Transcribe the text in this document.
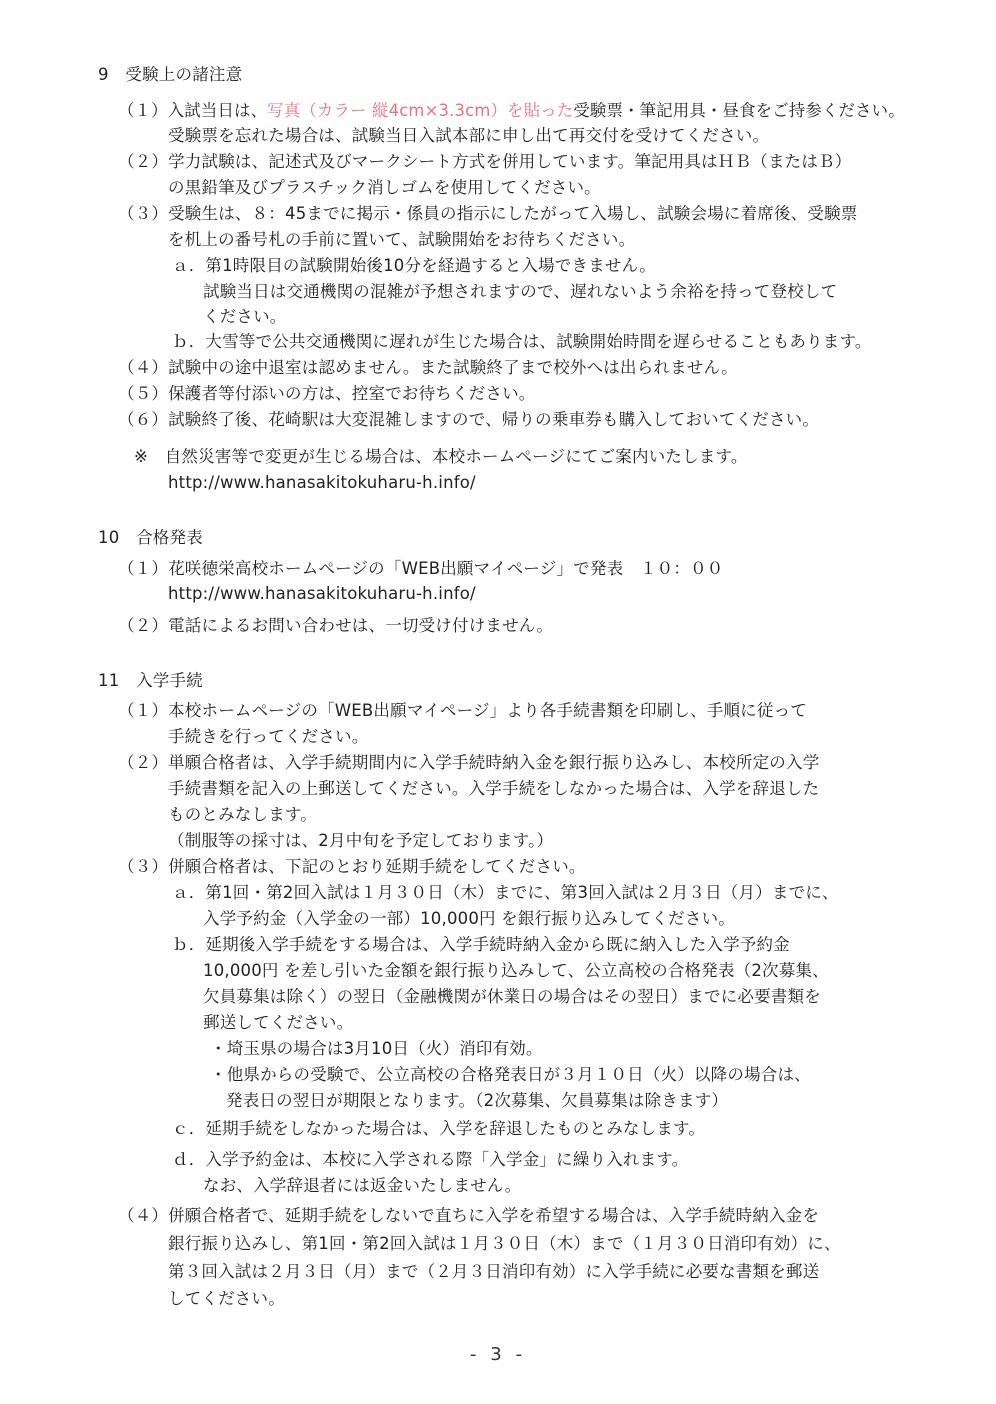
9　受験上の諸注意
（１）入試当日は、写真（カラー 縦4cm×3.3cm）を貼った受験票・筆記用具・昼食をご持参ください。
受験票を忘れた場合は、試験当日入試本部に申し出て再交付を受けてください。
（２）学力試験は、記述式及びマークシート方式を併用しています。筆記用具はＨＢ（またはＢ）
の黒鉛筆及びプラスチック消しゴムを使用してください。
（３）受験生は、８：45までに掲示・係員の指示にしたがって入場し、試験会場に着席後、受験票
を机上の番号札の手前に置いて、試験開始をお待ちください。
ａ．第1時限目の試験開始後10分を経過すると入場できません。
試験当日は交通機関の混雑が予想されますので、遅れないよう余裕を持って登校して
ください。
ｂ．大雪等で公共交通機関に遅れが生じた場合は、試験開始時間を遅らせることもあります。
（４）試験中の途中退室は認めません。また試験終了まで校外へは出られません。
（５）保護者等付添いの方は、控室でお待ちください。
（６）試験終了後、花崎駅は大変混雑しますので、帰りの乗車券も購入しておいてください。
※　自然災害等で変更が生じる場合は、本校ホームページにてご案内いたします。
http://www.hanasakitokuharu-h.info/
10　合格発表
（１）花咲徳栄高校ホームページの「WEB出願マイページ」で発表　１０：００
http://www.hanasakitokuharu-h.info/
（２）電話によるお問い合わせは、一切受け付けません。
11　入学手続
（１）本校ホームページの「WEB出願マイページ」より各手続書類を印刷し、手順に従って
手続きを行ってください。
（２）単願合格者は、入学手続期間内に入学手続時納入金を銀行振り込みし、本校所定の入学
手続書類を記入の上郵送してください。入学手続をしなかった場合は、入学を辞退した
ものとみなします。
（制服等の採寸は、2月中旬を予定しております。）
（３）併願合格者は、下記のとおり延期手続をしてください。
ａ．第1回・第2回入試は１月３０日（木）までに、第3回入試は２月３日（月）までに、
入学予約金（入学金の一部）10,000円 を銀行振り込みしてください。
ｂ．延期後入学手続をする場合は、入学手続時納入金から既に納入した入学予約金
10,000円 を差し引いた金額を銀行振り込みして、公立高校の合格発表（2次募集、
欠員募集は除く）の翌日（金融機関が休業日の場合はその翌日）までに必要書類を
郵送してください。
・埼玉県の場合は3月10日（火）消印有効。
・他県からの受験で、公立高校の合格発表日が３月１０日（火）以降の場合は、
発表日の翌日が期限となります。（2次募集、欠員募集は除きます）
ｃ．延期手続をしなかった場合は、入学を辞退したものとみなします。
ｄ．入学予約金は、本校に入学される際「入学金」に繰り入れます。
なお、入学辞退者には返金いたしません。
（４）併願合格者で、延期手続をしないで直ちに入学を希望する場合は、入学手続時納入金を
銀行振り込みし、第1回・第2回入試は１月３０日（木）まで（１月３０日消印有効）に、
第３回入試は２月３日（月）まで（２月３日消印有効）に入学手続に必要な書類を郵送
してください。
- 3 -
